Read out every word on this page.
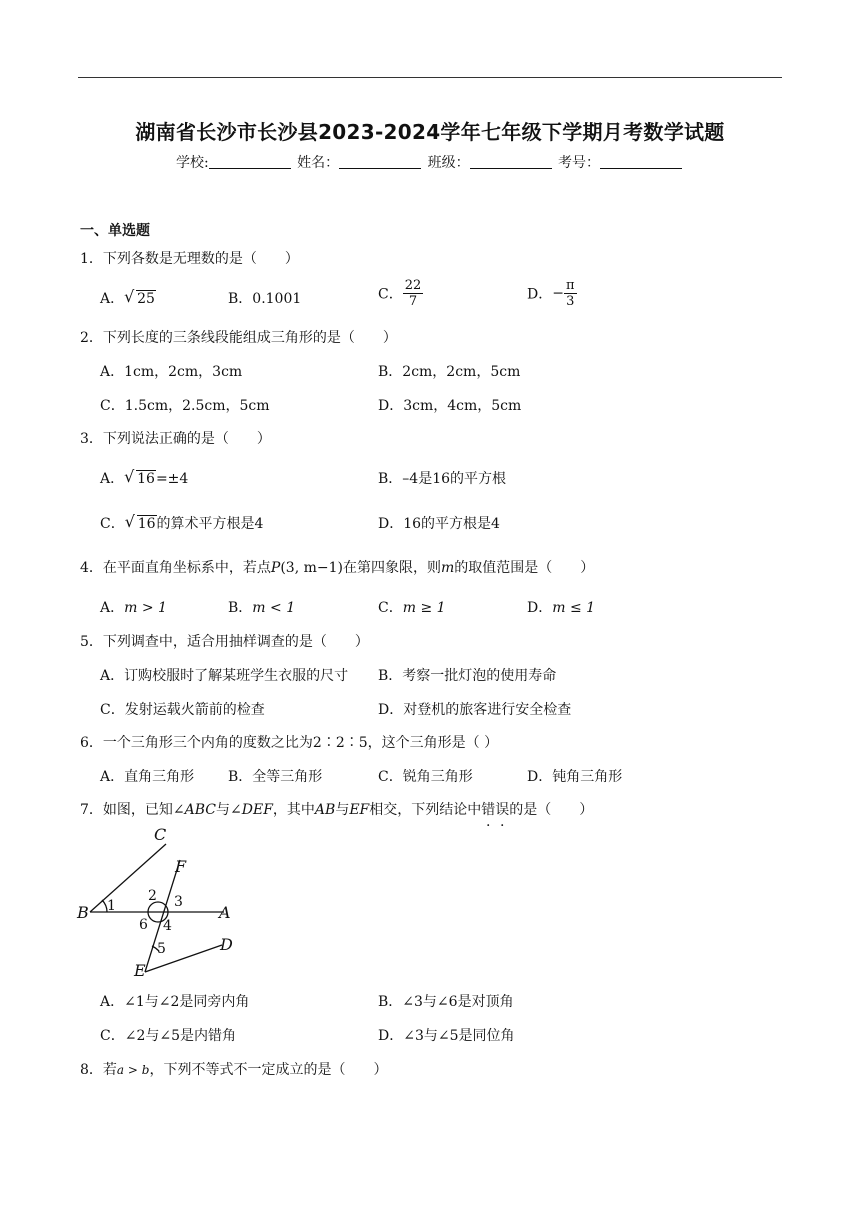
湖南省长沙市长沙县2023-2024学年七年级下学期月考数学试题
学校:	姓名：	班级：	考号：
一、单选题
1．下列各数是无理数的是（　　）
A． √ 25	B．0.1001	C． $\frac{22}{7}$	D．− $\frac{\pi}{3}$
2．下列长度的三条线段能组成三角形的是（　　）
A．1cm，2cm，3cm	B．2cm，2cm，5cm
C．1.5cm，2.5cm，5cm	D．3cm，4cm，5cm
3．下列说法正确的是（　　）
A． √ 16=±4	B．–4是16的平方根
C． √ 16的算术平方根是4	D．16的平方根是4
4．在平面直角坐标系中，若点P(3, m−1)在第四象限，则m的取值范围是（　　）
A．m > 1	B．m < 1	C．m ≥ 1	D．m ≤ 1
5．下列调查中，适合用抽样调查的是（　　）
A．订购校服时了解某班学生衣服的尺寸 B．考察一批灯泡的使用寿命
C．发射运载火箭前的检查	D．对登机的旅客进行安全检查
6．一个三角形三个内角的度数之比为2∶2∶5，这个三角形是（ ）
A．直角三角形 B．全等三角形	C．锐角三角形	D．钝角三角形
7．如图，已知∠ABC与∠DEF，其中AB与EF相交，下列结论中错误的是（　　）
C
F
B	A
E
D
1
2 3
4
5
6
A．∠1与∠2是同旁内角	B．∠3与∠6是对顶角
C．∠2与∠5是内错角	D．∠3与∠5是同位角
8．若a > b，下列不等式不一定成立的是（　　）
